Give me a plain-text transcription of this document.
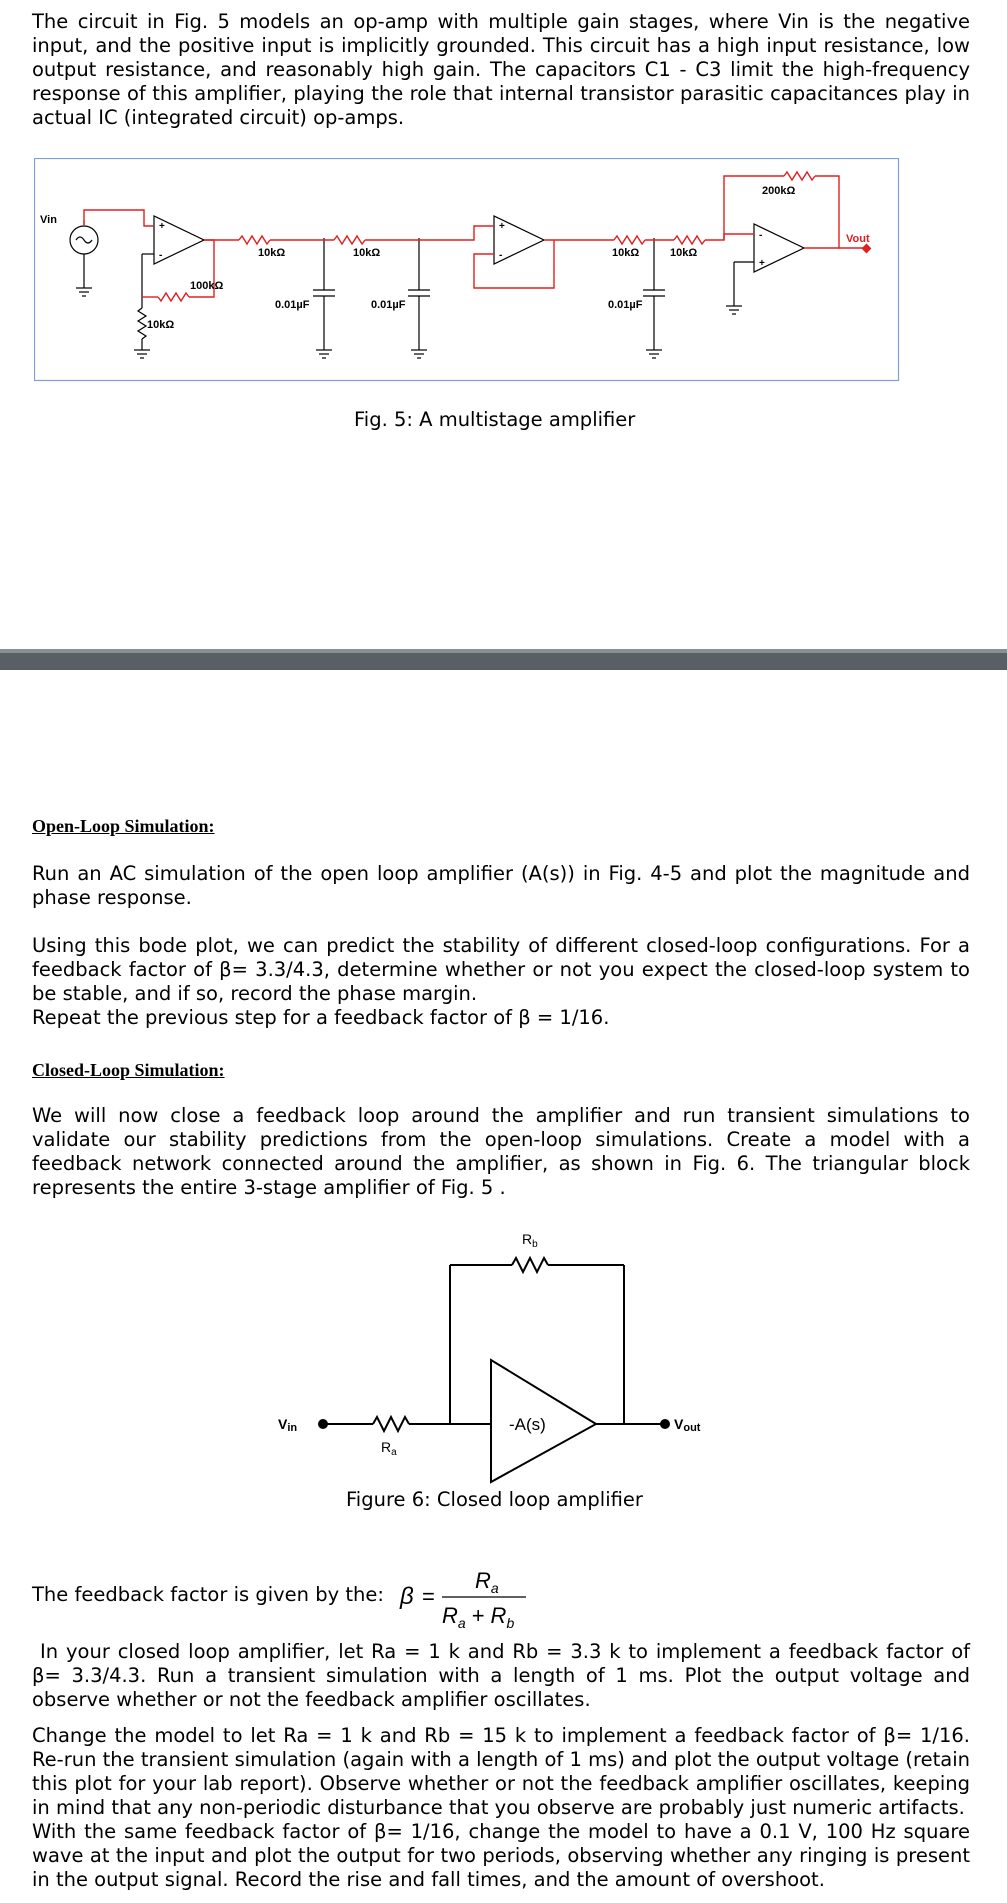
The circuit in Fig. 5 models an op-amp with multiple gain stages, where Vin is the negative input, and the positive input is implicitly grounded. This circuit has a high input resistance, low output resistance, and reasonably high gain. The capacitors C1 - C3 limit the high-frequency response of this amplifier, playing the role that internal transistor parasitic capacitances play in actual IC (integrated circuit) op-amps.

Vin
Vout
+
-
+
-
-
+
100kΩ
10kΩ
10kΩ	10kΩ	10kΩ	10kΩ
200kΩ
0.01µF	0.01µF	0.01µF
Fig. 5: A multistage amplifier
Open-Loop Simulation:

Run an AC simulation of the open loop amplifier (A(s)) in Fig. 4-5 and plot the magnitude and phase response.

Using this bode plot, we can predict the stability of different closed-loop configurations. For a feedback factor of β= 3.3/4.3, determine whether or not you expect the closed-loop system to be stable, and if so, record the phase margin.

Repeat the previous step for a feedback factor of β = 1/16.

Closed-Loop Simulation:

We will now close a feedback loop around the amplifier and run transient simulations to validate our stability predictions from the open-loop simulations. Create a model with a feedback network connected around the amplifier, as shown in Fig. 6. The triangular block represents the entire 3-stage amplifier of Fig. 5 .

-A(s)
$R_b$
$R_a$
Vin	Vout
Figure 6: Closed loop amplifier
The feedback factor is given by the: β =
$R_a$
$R_a + R_b$

In your closed loop amplifier, let Ra = 1 k and Rb = 3.3 k to implement a feedback factor of β= 3.3/4.3. Run a transient simulation with a length of 1 ms. Plot the output voltage and observe whether or not the feedback amplifier oscillates.

Change the model to let Ra = 1 k and Rb = 15 k to implement a feedback factor of β= 1/16. Re-run the transient simulation (again with a length of 1 ms) and plot the output voltage (retain this plot for your lab report). Observe whether or not the feedback amplifier oscillates, keeping in mind that any non-periodic disturbance that you observe are probably just numeric artifacts.

With the same feedback factor of β= 1/16, change the model to have a 0.1 V, 100 Hz square wave at the input and plot the output for two periods, observing whether any ringing is present in the output signal. Record the rise and fall times, and the amount of overshoot.
